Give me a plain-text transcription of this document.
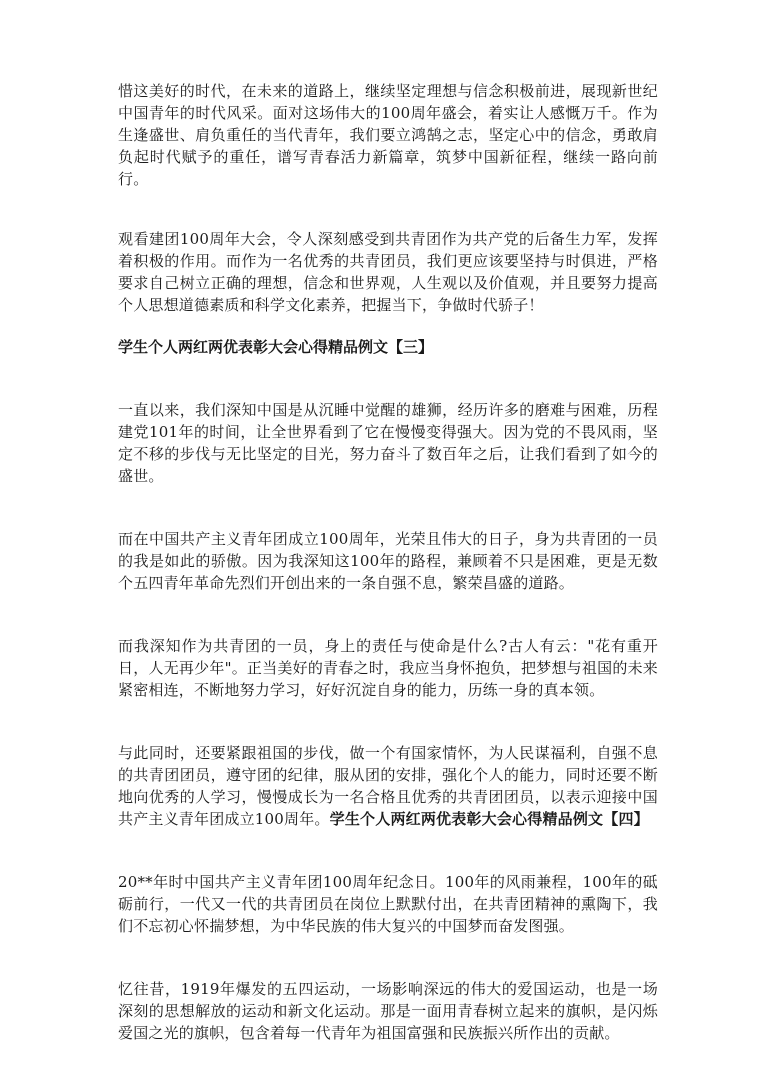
惜这美好的时代，在未来的道路上，继续坚定理想与信念积极前进，展现新世纪中国青年的时代风采。面对这场伟大的100周年盛会，着实让人感慨万千。作为生逢盛世、肩负重任的当代青年，我们要立鸿鹄之志，坚定心中的信念，勇敢肩负起时代赋予的重任，谱写青春活力新篇章，筑梦中国新征程，继续一路向前行。

观看建团100周年大会，令人深刻感受到共青团作为共产党的后备生力军，发挥着积极的作用。而作为一名优秀的共青团员，我们更应该要坚持与时俱进，严格要求自己树立正确的理想，信念和世界观，人生观以及价值观，并且要努力提高个人思想道德素质和科学文化素养，把握当下，争做时代骄子！

学生个人两红两优表彰大会心得精品例文【三】

一直以来，我们深知中国是从沉睡中觉醒的雄狮，经历许多的磨难与困难，历程建党101年的时间，让全世界看到了它在慢慢变得强大。因为党的不畏风雨，坚定不移的步伐与无比坚定的目光，努力奋斗了数百年之后，让我们看到了如今的盛世。

而在中国共产主义青年团成立100周年，光荣且伟大的日子，身为共青团的一员的我是如此的骄傲。因为我深知这100年的路程，兼顾着不只是困难，更是无数个五四青年革命先烈们开创出来的一条自强不息，繁荣昌盛的道路。

而我深知作为共青团的一员，身上的责任与使命是什么?古人有云："花有重开日，人无再少年"。正当美好的青春之时，我应当身怀抱负，把梦想与祖国的未来紧密相连，不断地努力学习，好好沉淀自身的能力，历练一身的真本领。

与此同时，还要紧跟祖国的步伐，做一个有国家情怀，为人民谋福利，自强不息的共青团团员，遵守团的纪律，服从团的安排，强化个人的能力，同时还要不断地向优秀的人学习，慢慢成长为一名合格且优秀的共青团团员，以表示迎接中国共产主义青年团成立100周年。学生个人两红两优表彰大会心得精品例文【四】

20**年时中国共产主义青年团100周年纪念日。100年的风雨兼程，100年的砥砺前行，一代又一代的共青团员在岗位上默默付出，在共青团精神的熏陶下，我们不忘初心怀揣梦想，为中华民族的伟大复兴的中国梦而奋发图强。

忆往昔，1919年爆发的五四运动，一场影响深远的伟大的爱国运动，也是一场深刻的思想解放的运动和新文化运动。那是一面用青春树立起来的旗帜，是闪烁爱国之光的旗帜，包含着每一代青年为祖国富强和民族振兴所作出的贡献。
